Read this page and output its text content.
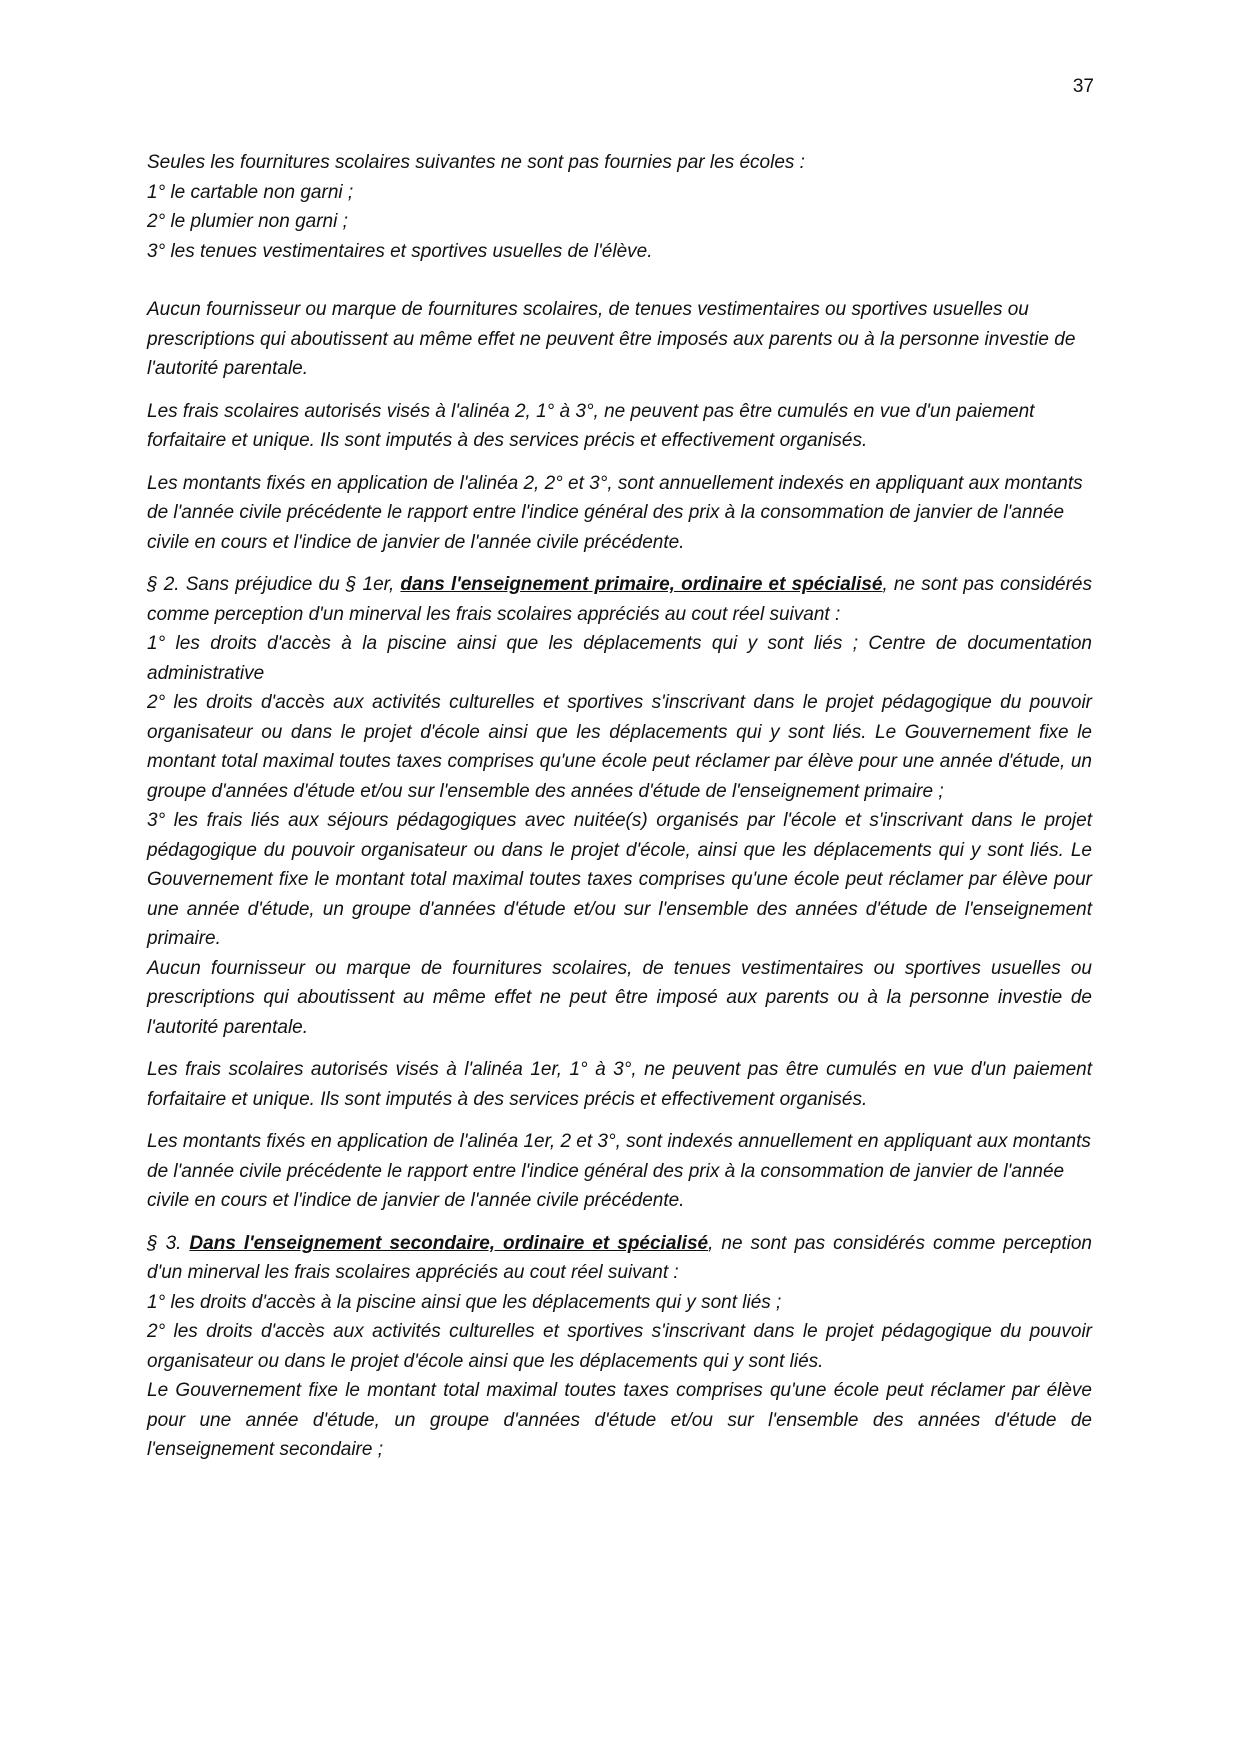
37
Seules les fournitures scolaires suivantes ne sont pas fournies par les écoles :
1° le cartable non garni ;
2° le plumier non garni ;
3° les tenues vestimentaires et sportives usuelles de l'élève.

Aucun fournisseur ou marque de fournitures scolaires, de tenues vestimentaires ou sportives usuelles ou prescriptions qui aboutissent au même effet ne peuvent être imposés aux parents ou à la personne investie de l'autorité parentale.

Les frais scolaires autorisés visés à l'alinéa 2, 1° à 3°, ne peuvent pas être cumulés en vue d'un paiement forfaitaire et unique. Ils sont imputés à des services précis et effectivement organisés.

Les montants fixés en application de l'alinéa 2, 2° et 3°, sont annuellement indexés en appliquant aux montants de l'année civile précédente le rapport entre l'indice général des prix à la consommation de janvier de l'année civile en cours et l'indice de janvier de l'année civile précédente.

§ 2. Sans préjudice du § 1er, dans l'enseignement primaire, ordinaire et spécialisé, ne sont pas considérés comme perception d'un minerval les frais scolaires appréciés au cout réel suivant :
1° les droits d'accès à la piscine ainsi que les déplacements qui y sont liés ; Centre de documentation administrative
2° les droits d'accès aux activités culturelles et sportives s'inscrivant dans le projet pédagogique du pouvoir organisateur ou dans le projet d'école ainsi que les déplacements qui y sont liés. Le Gouvernement fixe le montant total maximal toutes taxes comprises qu'une école peut réclamer par élève pour une année d'étude, un groupe d'années d'étude et/ou sur l'ensemble des années d'étude de l'enseignement primaire ;
3° les frais liés aux séjours pédagogiques avec nuitée(s) organisés par l'école et s'inscrivant dans le projet pédagogique du pouvoir organisateur ou dans le projet d'école, ainsi que les déplacements qui y sont liés. Le Gouvernement fixe le montant total maximal toutes taxes comprises qu'une école peut réclamer par élève pour une année d'étude, un groupe d'années d'étude et/ou sur l'ensemble des années d'étude de l'enseignement primaire.
Aucun fournisseur ou marque de fournitures scolaires, de tenues vestimentaires ou sportives usuelles ou prescriptions qui aboutissent au même effet ne peut être imposé aux parents ou à la personne investie de l'autorité parentale.

Les frais scolaires autorisés visés à l'alinéa 1er, 1° à 3°, ne peuvent pas être cumulés en vue d'un paiement forfaitaire et unique. Ils sont imputés à des services précis et effectivement organisés.

Les montants fixés en application de l'alinéa 1er, 2 et 3°, sont indexés annuellement en appliquant aux montants de l'année civile précédente le rapport entre l'indice général des prix à la consommation de janvier de l'année civile en cours et l'indice de janvier de l'année civile précédente.

§ 3. Dans l'enseignement secondaire, ordinaire et spécialisé, ne sont pas considérés comme perception d'un minerval les frais scolaires appréciés au cout réel suivant :
1° les droits d'accès à la piscine ainsi que les déplacements qui y sont liés ;
2° les droits d'accès aux activités culturelles et sportives s'inscrivant dans le projet pédagogique du pouvoir organisateur ou dans le projet d'école ainsi que les déplacements qui y sont liés.
Le Gouvernement fixe le montant total maximal toutes taxes comprises qu'une école peut réclamer par élève pour une année d'étude, un groupe d'années d'étude et/ou sur l'ensemble des années d'étude de l'enseignement secondaire ;
